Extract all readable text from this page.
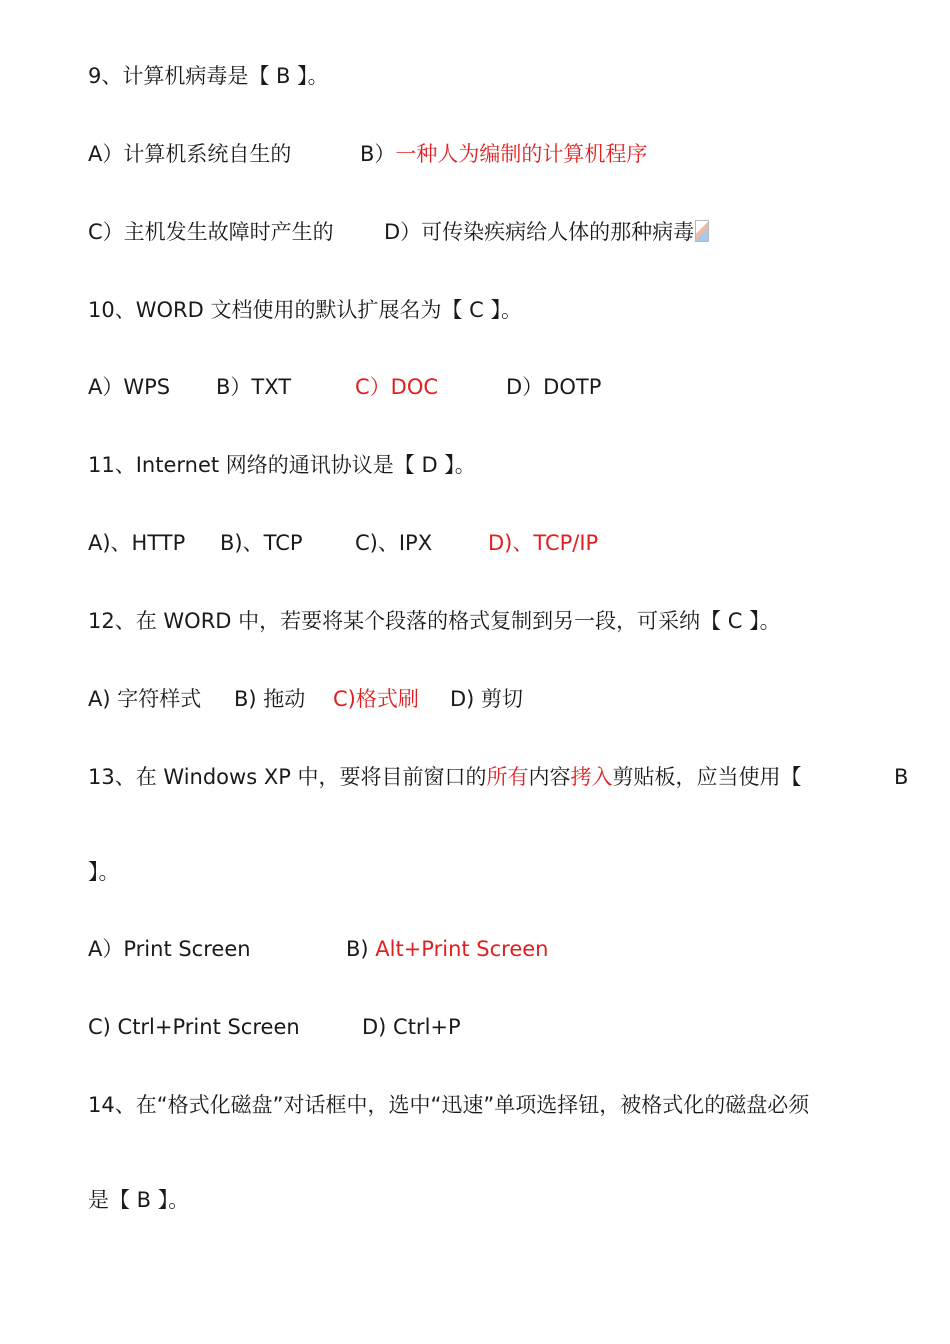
9、计算机病毒是【 B 】。
A）计算机系统自生的	B）一种人为编制的计算机程序
C）主机发生故障时产生的 D）可传染疾病给人体的那种病毒
10、WORD 文档使用的默认扩展名为【 C 】。
A）WPS B）TXT	C）DOC	D）DOTP
11、Internet 网络的通讯协议是【 D 】。
A)、HTTP B)、TCP C)、IPX	D)、TCP/IP
12、在 WORD 中，若要将某个段落的格式复制到另一段，可采纳【 C 】。
A) 字符样式 B) 拖动 C)格式刷 D) 剪切
13、在 Windows XP 中，要将目前窗口的所有内容拷入剪贴板，应当使用【	B
】。
A）Print Screen	B) Alt+Print Screen
C) Ctrl+Print Screen	D) Ctrl+P
14、在“格式化磁盘”对话框中，选中“迅速”单项选择钮，被格式化的磁盘必须
是【 B 】。
